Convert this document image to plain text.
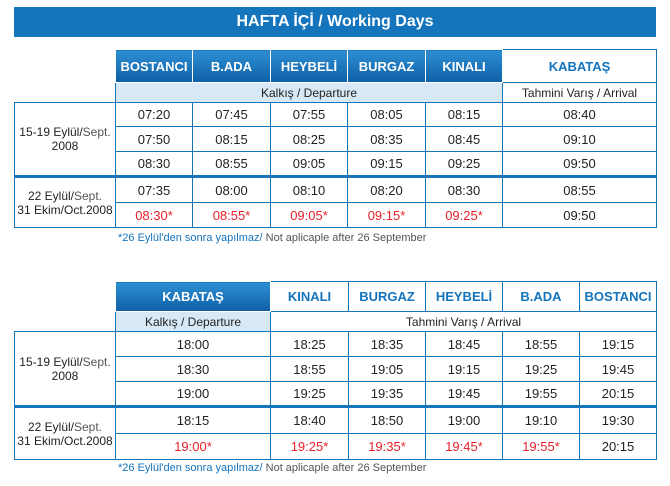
HAFTA İÇİ / Working Days
	BOSTANCI	B.ADA	HEYBELİ	BURGAZ	KINALI	KABATAŞ
	Kalkış / Departure					Tahmini Varış / Arrival
15-19 Eylül/Sept.
2008	07:20	07:45	07:55	08:05	08:15	08:40
	07:50	08:15	08:25	08:35	08:45	09:10
	08:30	08:55	09:05	09:15	09:25	09:50
22 Eylül/Sept.
31 Ekim/Oct.2008	07:35	08:00	08:10	08:20	08:30	08:55
	08:30*	08:55*	09:05*	09:15*	09:25*	09:50
*26 Eylül'den sonra yapılmaz/ Not aplicaple after 26 September
	KABATAŞ	KINALI	BURGAZ	HEYBELİ	B.ADA	BOSTANCI
	Kalkış / Departure	Tahmini Varış / Arrival				
15-19 Eylül/Sept.
2008	18:00	18:25	18:35	18:45	18:55	19:15
	18:30	18:55	19:05	19:15	19:25	19:45
	19:00	19:25	19:35	19:45	19:55	20:15
22 Eylül/Sept.
31 Ekim/Oct.2008	18:15	18:40	18:50	19:00	19:10	19:30
	19:00*	19:25*	19:35*	19:45*	19:55*	20:15
*26 Eylül'den sonra yapılmaz/ Not aplicaple after 26 September
